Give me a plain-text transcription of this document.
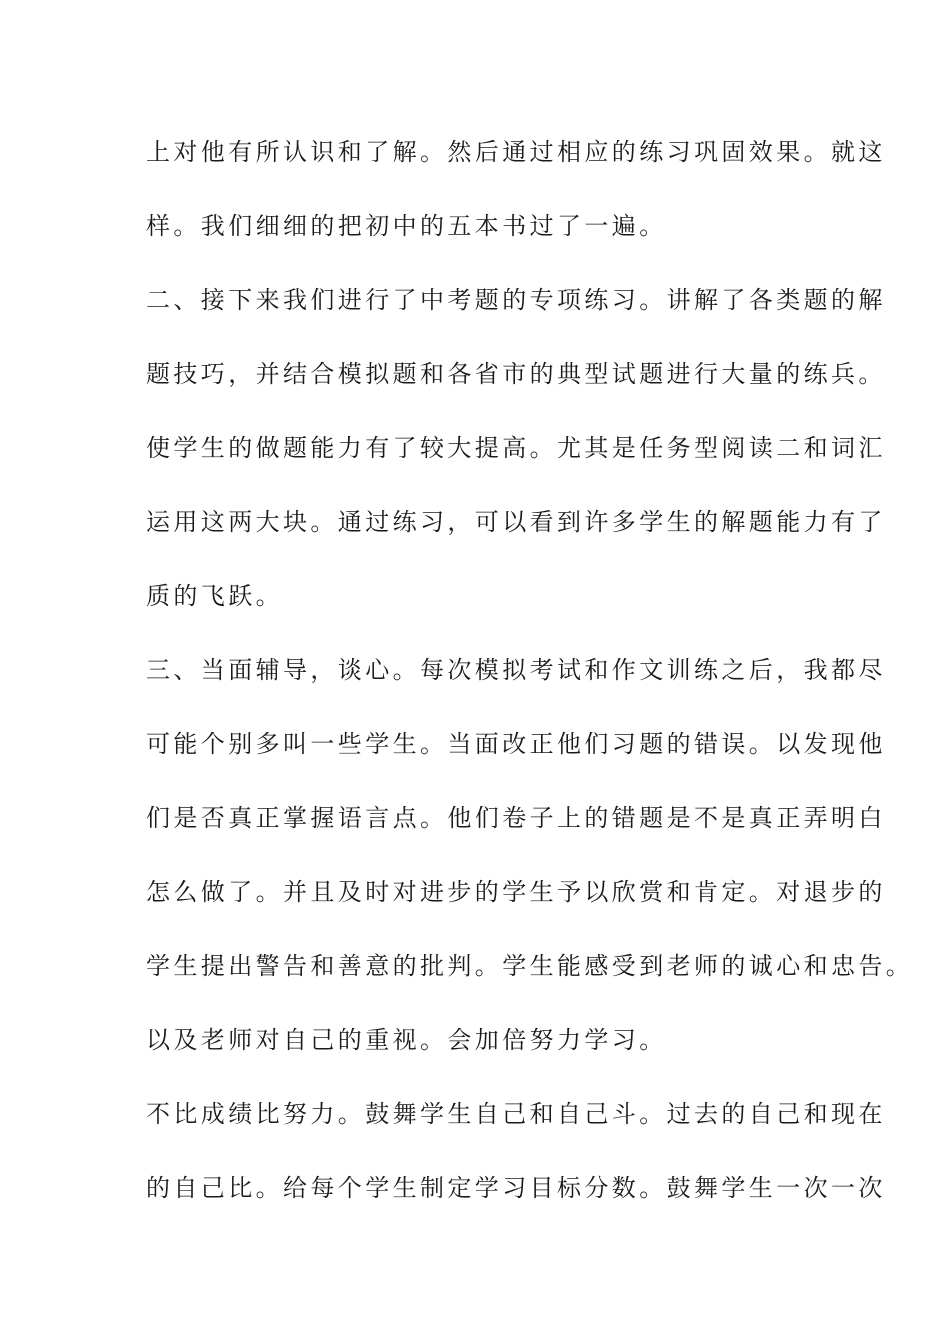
上对他有所认识和了解。然后通过相应的练习巩固效果。就这
样。我们细细的把初中的五本书过了一遍。
二、接下来我们进行了中考题的专项练习。讲解了各类题的解
题技巧，并结合模拟题和各省市的典型试题进行大量的练兵。
使学生的做题能力有了较大提高。尤其是任务型阅读二和词汇
运用这两大块。通过练习，可以看到许多学生的解题能力有了
质的飞跃。
三、当面辅导，谈心。每次模拟考试和作文训练之后，我都尽
可能个别多叫一些学生。当面改正他们习题的错误。以发现他
们是否真正掌握语言点。他们卷子上的错题是不是真正弄明白
怎么做了。并且及时对进步的学生予以欣赏和肯定。对退步的
学生提出警告和善意的批判。学生能感受到老师的诚心和忠告。
以及老师对自己的重视。会加倍努力学习。
不比成绩比努力。鼓舞学生自己和自己斗。过去的自己和现在
的自己比。给每个学生制定学习目标分数。鼓舞学生一次一次
